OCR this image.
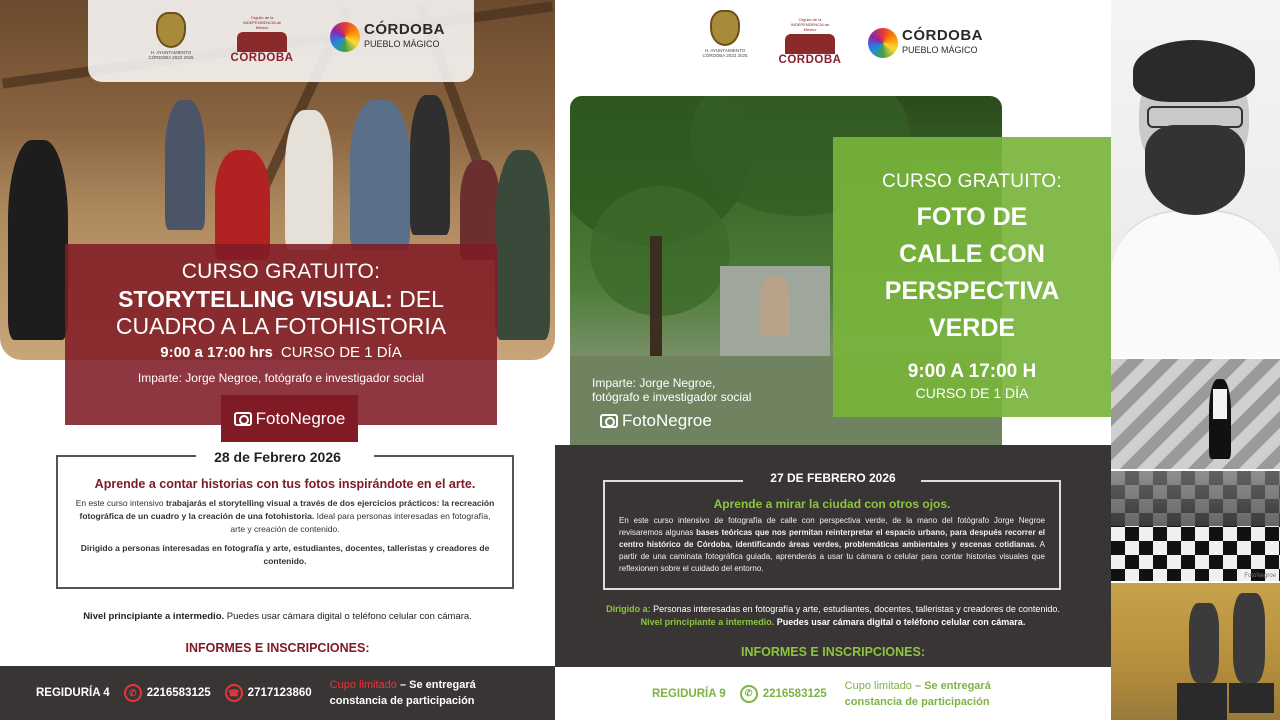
H. AYUNTAMIENTO CÓRDOBA 2022 2025
Orgullo de la INDEPENDENCIA de México
CÓRDOBA
CÓRDOBA
PUEBLO MÁGICO
CURSO GRATUITO:
STORYTELLING VISUAL: DEL
CUADRO A LA FOTOHISTORIA
9:00 a 17:00 hrs CURSO DE 1 DÍA
Imparte: Jorge Negroe, fotógrafo e investigador social
FotoNegroe
28 de Febrero 2026
Aprende a contar historias con tus fotos inspirándote en el arte.
En este curso intensivo trabajarás el storytelling visual a través de dos ejercicios prácticos: la recreación fotográfica de un cuadro y la creación de una fotohistoria. Ideal para personas interesadas en fotografía, arte y creación de contenido.
Dirigido a personas interesadas en fotografía y arte, estudiantes, docentes, talleristas y creadores de contenido.
Nivel principiante a intermedio. Puedes usar cámara digital o teléfono celular con cámara.
INFORMES E INSCRIPCIONES:
REGIDURÍA 4	✆ 2216583125	☎ 2717123860
Cupo limitado – Se entregará
constancia de participación
H. AYUNTAMIENTO CÓRDOBA 2022 2025
Orgullo de la INDEPENDENCIA de México
CÓRDOBA
CÓRDOBA
PUEBLO MÁGICO
CURSO GRATUITO:
FOTO DE
CALLE CON
PERSPECTIVA
VERDE
9:00 A 17:00 H
CURSO DE 1 DÍA
Imparte: Jorge Negroe,
fotógrafo e investigador social
FotoNegroe
27 DE FEBRERO 2026
Aprende a mirar la ciudad con otros ojos.
En este curso intensivo de fotografía de calle con perspectiva verde, de la mano del fotógrafo Jorge Negroe revisaremos algunas bases teóricas que nos permitan reinterpretar el espacio urbano, para después recorrer el centro histórico de Córdoba, identificando áreas verdes, problemáticas ambientales y escenas cotidianas. A partir de una caminata fotográfica guiada, aprenderás a usar tu cámara o celular para contar historias visuales que reflexionen sobre el cuidado del entorno.
Dirigido a: Personas interesadas en fotografía y arte, estudiantes, docentes, talleristas y creadores de contenido. Nivel principiante a intermedio. Puedes usar cámara digital o teléfono celular con cámara.
INFORMES E INSCRIPCIONES:
REGIDURÍA 9	✆ 2216583125
Cupo limitado – Se entregará
constancia de participación
FotoNegroe
